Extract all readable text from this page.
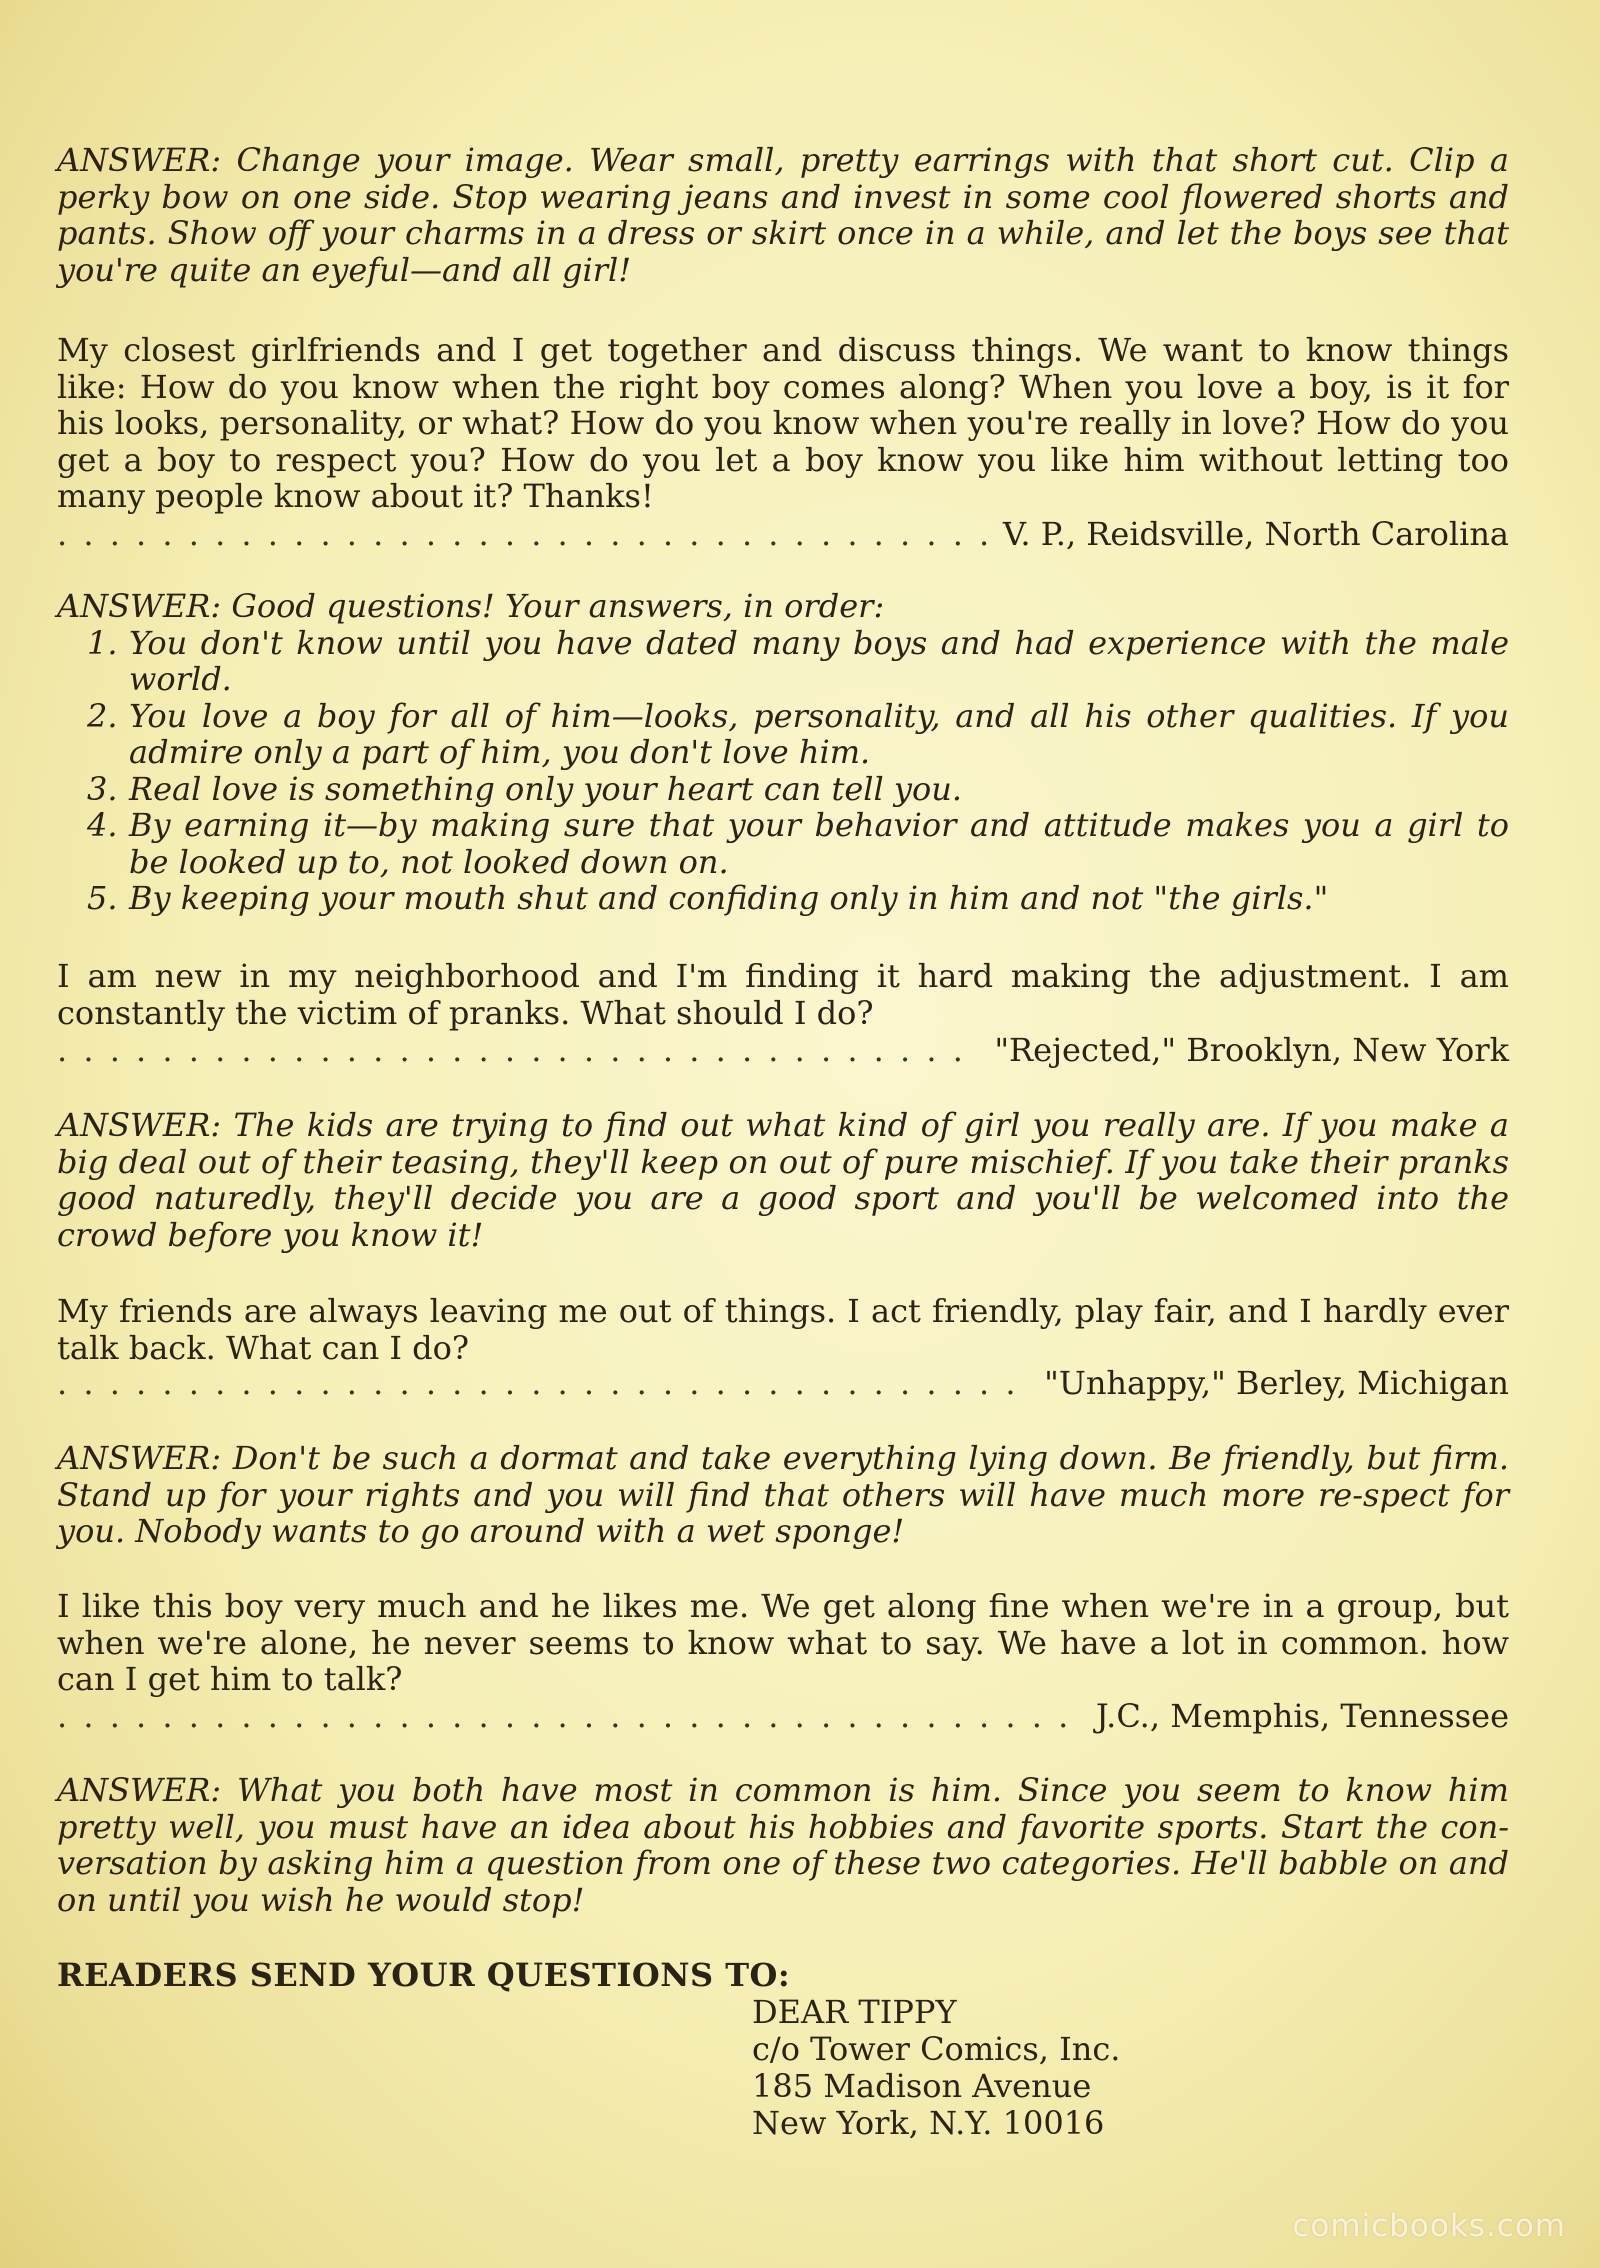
ANSWER: Change your image. Wear small, pretty earrings with that short cut. Clip a perky bow on one side. Stop wearing jeans and invest in some cool flowered shorts and pants. Show off your charms in a dress or skirt once in a while, and let the boys see that you're quite an eyeful—and all girl!

My closest girlfriends and I get together and discuss things. We want to know things like: How do you know when the right boy comes along? When you love a boy, is it for his looks, personality, or what? How do you know when you're really in love? How do you get a boy to respect you? How do you let a boy know you like him without letting too many people know about it? Thanks!

. . .
V. P., Reidsville, North Carolina
ANSWER: Good questions! Your answers, in order:
1. You don't know until you have dated many boys and had experience with the male world.
2. You love a boy for all of him—looks, personality, and all his other qualities. If you admire only a part of him, you don't love him.
3. Real love is something only your heart can tell you.
4. By earning it—by making sure that your behavior and attitude makes you a girl to be looked up to, not looked down on.
5. By keeping your mouth shut and confiding only in him and not "the girls."

I am new in my neighborhood and I'm finding it hard making the adjustment. I am constantly the victim of pranks. What should I do?

. . .
"Rejected," Brooklyn, New York

ANSWER: The kids are trying to find out what kind of girl you really are. If you make a big deal out of their teasing, they'll keep on out of pure mischief. If you take their pranks good naturedly, they'll decide you are a good sport and you'll be welcomed into the crowd before you know it!

My friends are always leaving me out of things. I act friendly, play fair, and I hardly ever talk back. What can I do?

. . .
"Unhappy," Berley, Michigan

ANSWER: Don't be such a dormat and take everything lying down. Be friendly, but firm. Stand up for your rights and you will find that others will have much more re-spect for you. Nobody wants to go around with a wet sponge!

I like this boy very much and he likes me. We get along fine when we're in a group, but when we're alone, he never seems to know what to say. We have a lot in common. how can I get him to talk?

. . .
J.C., Memphis, Tennessee

ANSWER: What you both have most in common is him. Since you seem to know him pretty well, you must have an idea about his hobbies and favorite sports. Start the con-versation by asking him a question from one of these two categories. He'll babble on and on until you wish he would stop!

READERS SEND YOUR QUESTIONS TO:
DEAR TIPPY
c/o Tower Comics, Inc.
185 Madison Avenue
New York, N.Y. 10016
comicbooks.com
